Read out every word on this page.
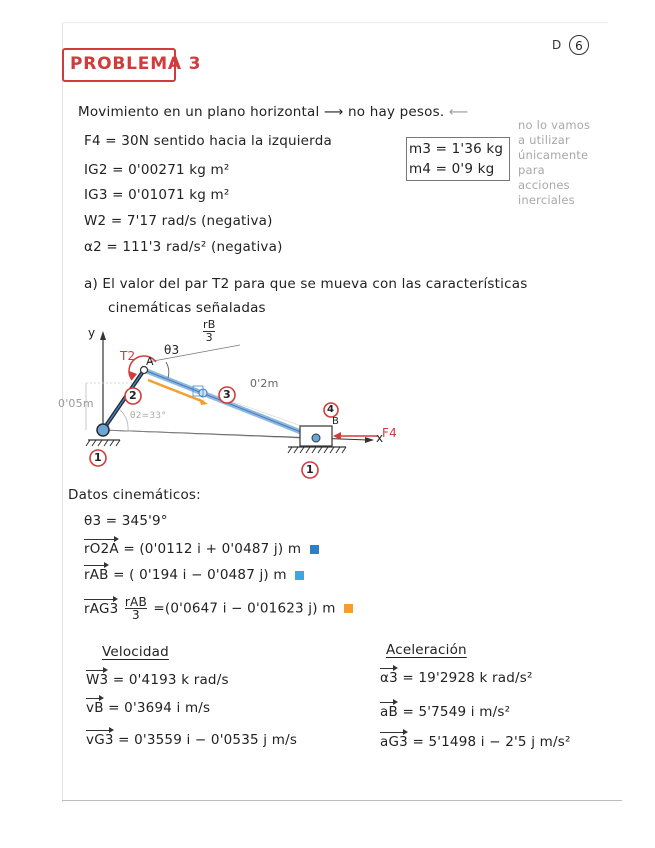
PROBLEMA 3
D	6
Movimiento en un plano horizontal ⟶ no hay pesos. ⟵
F4 = 30N sentido hacia la izquierda
IG2 = 0'00271 kg m²
IG3 = 0'01071 kg m²
W2 = 7'17 rad/s (negativa)
α2 = 111'3 rad/s² (negativa)
m3 = 1'36 kg
m4 = 0'9 kg
no lo vamos
a utilizar
únicamente
para
acciones
inerciales
a) El valor del par T2 para que se mueva con las características
cinemáticas señaladas
y
x
A
B
θ3
T2
$\frac{rB}{3}$
0'2m
0'05m
θ2=33°
F4
2	3
4
1
1
Datos cinemáticos:
θ3 = 345'9°
rO2A = (0'0112 i + 0'0487 j) m
rAB = ( 0'194 i − 0'0487 j) m
rAG3 rAB
3	=(0'0647 i − 0'01623 j) m
Velocidad
W3 = 0'4193 k rad/s
vB = 0'3694 i m/s
vG3 = 0'3559 i − 0'0535 j m/s
Aceleración
α3 = 19'2928 k rad/s²
aB = 5'7549 i m/s²
aG3 = 5'1498 i − 2'5 j m/s²
